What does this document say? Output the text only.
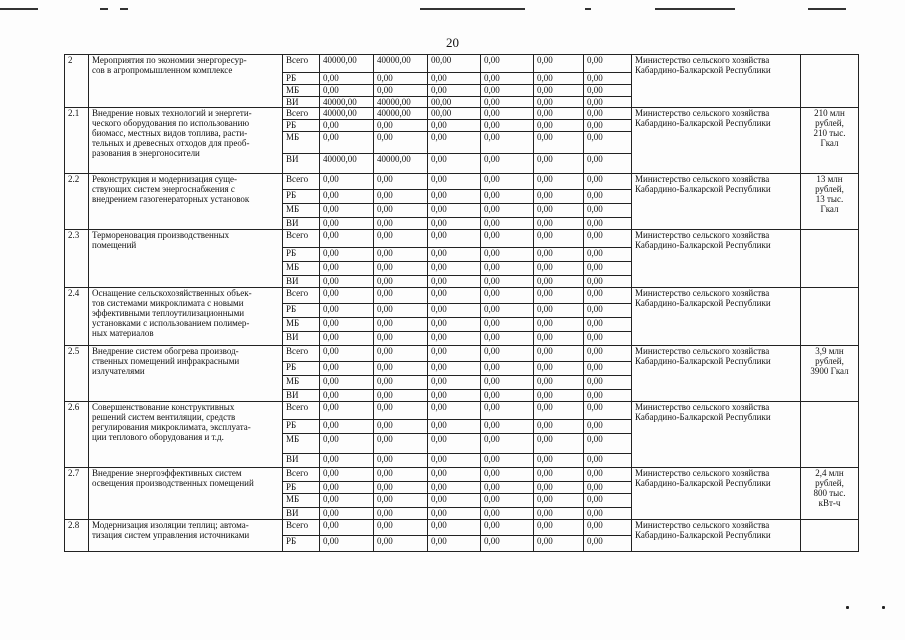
20
2	Мероприятия по экономии энергоресур-
сов в агропромышленном комплексе	Всего	40000,00	40000,00	00,00	0,00	0,00	0,00	Министерство сельского хозяйства
Кабардино-Балкарской Республики	
		РБ	0,00	0,00	0,00	0,00	0,00	0,00		
		МБ	0,00	0,00	0,00	0,00	0,00	0,00		
		ВИ	40000,00	40000,00	00,00	0,00	0,00	0,00		
2.1	Внедрение новых технологий и энергети-
ческого оборудования по использованию
биомасс, местных видов топлива, расти-
тельных и древесных отходов для преоб-
разования в энергоносители	Всего	40000,00	40000,00	00,00	0,00	0,00	0,00	Министерство сельского хозяйства
Кабардино-Балкарской Республики	210 млн
рублей,
210 тыс.
Гкал
		РБ	0,00	0,00	0,00	0,00	0,00	0,00		
		МБ	0,00	0,00	0,00	0,00	0,00	0,00		
		ВИ	40000,00	40000,00	0,00	0,00	0,00	0,00		
2.2	Реконструкция и модернизация суще-
ствующих систем энергоснабжения с
внедрением газогенераторных установок	Всего	0,00	0,00	0,00	0,00	0,00	0,00	Министерство сельского хозяйства
Кабардино-Балкарской Республики	13 млн
рублей,
13 тыс.
Гкал
		РБ	0,00	0,00	0,00	0,00	0,00	0,00		
		МБ	0,00	0,00	0,00	0,00	0,00	0,00		
		ВИ	0,00	0,00	0,00	0,00	0,00	0,00		
2.3	Терморенoвация производственных
помещений	Всего	0,00	0,00	0,00	0,00	0,00	0,00	Министерство сельского хозяйства
Кабардино-Балкарской Республики	
		РБ	0,00	0,00	0,00	0,00	0,00	0,00		
		МБ	0,00	0,00	0,00	0,00	0,00	0,00		
		ВИ	0,00	0,00	0,00	0,00	0,00	0,00		
2.4	Оснащение сельскохозяйственных объек-
тов системами микроклимата с новыми
эффективными теплоутилизационными
установками с использованием полимер-
ных материалов	Всего	0,00	0,00	0,00	0,00	0,00	0,00	Министерство сельского хозяйства
Кабардино-Балкарской Республики	
		РБ	0,00	0,00	0,00	0,00	0,00	0,00		
		МБ	0,00	0,00	0,00	0,00	0,00	0,00		
		ВИ	0,00	0,00	0,00	0,00	0,00	0,00		
2.5	Внедрение систем обогрева производ-
ственных помещений инфракрасными
излучателями	Всего	0,00	0,00	0,00	0,00	0,00	0,00	Министерство сельского хозяйства
Кабардино-Балкарской Республики	3,9 млн
рублей,
3900 Гкал
		РБ	0,00	0,00	0,00	0,00	0,00	0,00		
		МБ	0,00	0,00	0,00	0,00	0,00	0,00		
		ВИ	0,00	0,00	0,00	0,00	0,00	0,00		
2.6	Совершенствование конструктивных
решений систем вентиляции, средств
регулирования микроклимата, эксплуата-
ции теплового оборудования и т.д.	Всего	0,00	0,00	0,00	0,00	0,00	0,00	Министерство сельского хозяйства
Кабардино-Балкарской Республики	
		РБ	0,00	0,00	0,00	0,00	0,00	0,00		
		МБ	0,00	0,00	0,00	0,00	0,00	0,00		
		ВИ	0,00	0,00	0,00	0,00	0,00	0,00		
2.7	Внедрение энергоэффективных систем
освещения производственных помещений	Всего	0,00	0,00	0,00	0,00	0,00	0,00	Министерство сельского хозяйства
Кабардино-Балкарской Республики	2,4 млн
рублей,
800 тыс.
кВт-ч
		РБ	0,00	0,00	0,00	0,00	0,00	0,00		
		МБ	0,00	0,00	0,00	0,00	0,00	0,00		
		ВИ	0,00	0,00	0,00	0,00	0,00	0,00		
2.8	Модернизация изоляции теплиц; автома-
тизация систем управления источниками	Всего	0,00	0,00	0,00	0,00	0,00	0,00	Министерство сельского хозяйства
Кабардино-Балкарской Республики	
		РБ	0,00	0,00	0,00	0,00	0,00	0,00		
